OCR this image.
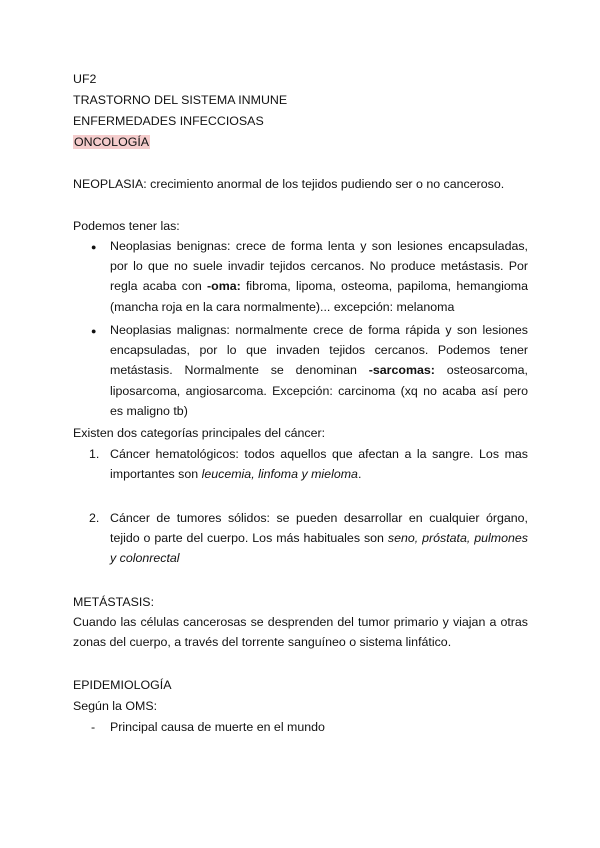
UF2
TRASTORNO DEL SISTEMA INMUNE
ENFERMEDADES INFECCIOSAS
ONCOLOGÍA
NEOPLASIA: crecimiento anormal de los tejidos pudiendo ser o no canceroso.
Podemos tener las:
● Neoplasias benignas: crece de forma lenta y son lesiones encapsuladas, por lo que no suele invadir tejidos cercanos. No produce metástasis. Por regla acaba con -oma: fibroma, lipoma, osteoma, papiloma, hemangioma (mancha roja en la cara normalmente)... excepción: melanoma
● Neoplasias malignas: normalmente crece de forma rápida y son lesiones encapsuladas, por lo que invaden tejidos cercanos. Podemos tener metástasis. Normalmente se denominan -sarcomas: osteosarcoma, liposarcoma, angiosarcoma. Excepción: carcinoma (xq no acaba así pero es maligno tb)
Existen dos categorías principales del cáncer:
1. Cáncer hematológicos: todos aquellos que afectan a la sangre. Los mas importantes son leucemia, linfoma y mieloma.
2. Cáncer de tumores sólidos: se pueden desarrollar en cualquier órgano, tejido o parte del cuerpo. Los más habituales son seno, próstata, pulmones y colonrectal
METÁSTASIS:
Cuando las células cancerosas se desprenden del tumor primario y viajan a otras zonas del cuerpo, a través del torrente sanguíneo o sistema linfático.
EPIDEMIOLOGÍA
Según la OMS:
- Principal causa de muerte en el mundo
